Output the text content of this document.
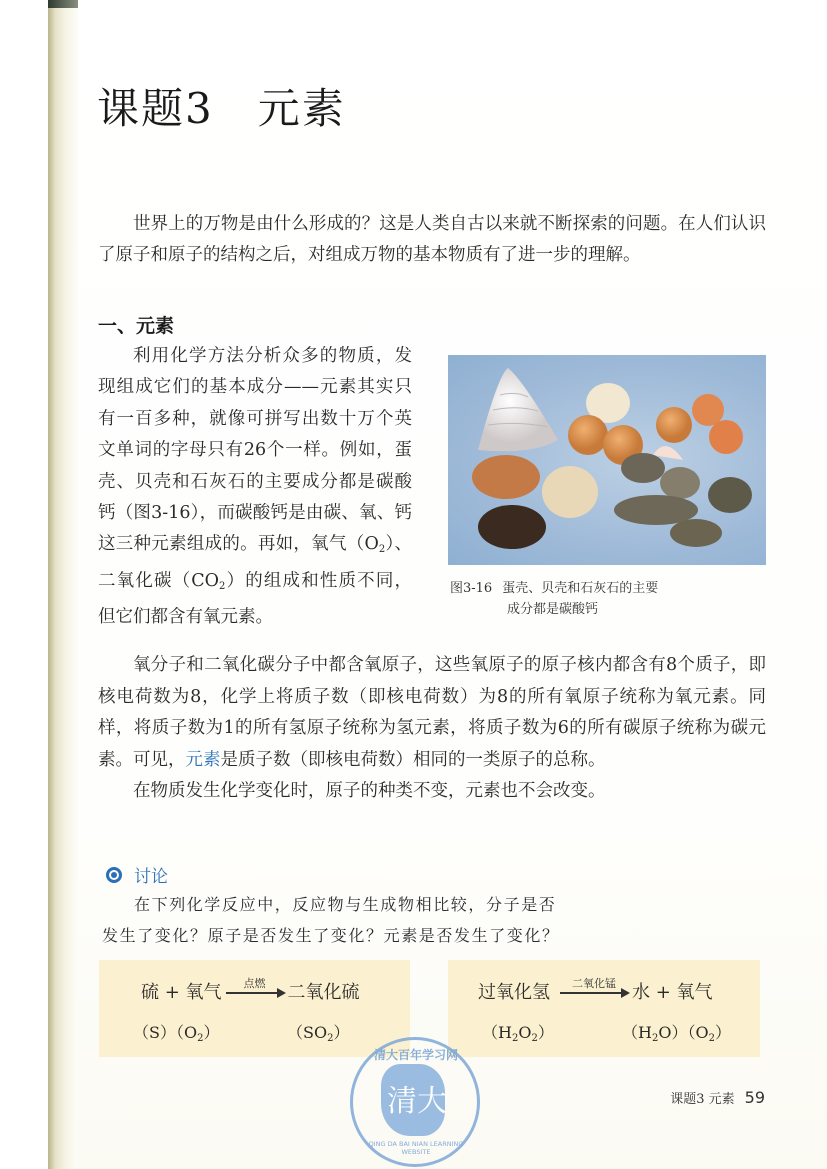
课题3 元素
世界上的万物是由什么形成的？这是人类自古以来就不断探索的问题。在人们认识了原子和原子的结构之后，对组成万物的基本物质有了进一步的理解。
一、元素
利用化学方法分析众多的物质，发现组成它们的基本成分——元素其实只有一百多种，就像可拼写出数十万个英文单词的字母只有26个一样。例如，蛋壳、贝壳和石灰石的主要成分都是碳酸钙（图3-16），而碳酸钙是由碳、氧、钙这三种元素组成的。再如，氧气$(O_2)$、二氧化碳$(CO_2)$的组成和性质不同，但它们都含有氧元素。
图3-16 蛋壳、贝壳和石灰石的主要
成分都是碳酸钙

氧分子和二氧化碳分子中都含氧原子，这些氧原子的原子核内都含有8个质子，即核电荷数为8，化学上将质子数（即核电荷数）为8的所有氧原子统称为氧元素。同样，将质子数为1的所有氢原子统称为氢元素，将质子数为6的所有碳原子统称为碳元素。可见，元素是质子数（即核电荷数）相同的一类原子的总称。

在物质发生化学变化时，原子的种类不变，元素也不会改变。

讨论
在下列化学反应中，反应物与生成物相比较，分子是否
发生了变化？原子是否发生了变化？元素是否发生了变化？
硫 + 氧气	点燃	二氧化硫
$(S)(O_2)$	$(SO_2)$
过氧化氢	二氧化锰 水 + 氧气
$(H_2O_2)$	$(H_2O)(O_2)$
清大百年学习网
清大
QING DA BAI NIAN LEARNING WEBSITE
课题3 元素 59
